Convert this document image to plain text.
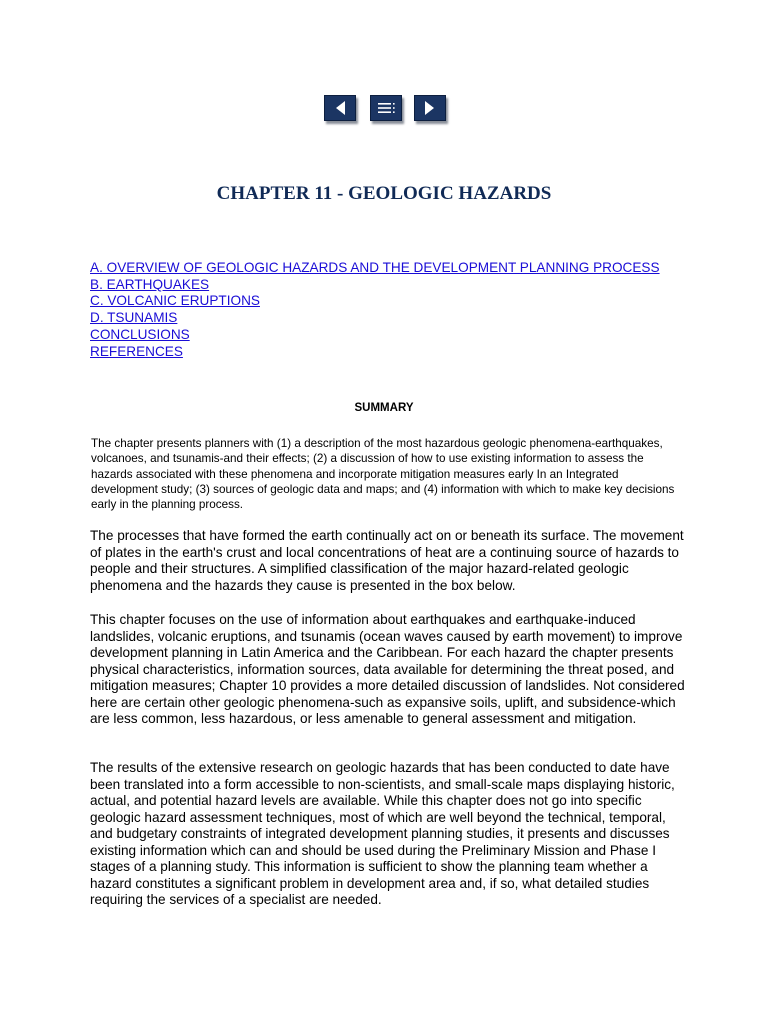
CHAPTER 11 - GEOLOGIC HAZARDS
A. OVERVIEW OF GEOLOGIC HAZARDS AND THE DEVELOPMENT PLANNING PROCESS
B. EARTHQUAKES
C. VOLCANIC ERUPTIONS
D. TSUNAMIS
CONCLUSIONS
REFERENCES
SUMMARY

The chapter presents planners with (1) a description of the most hazardous geologic phenomena-earthquakes, volcanoes, and tsunamis-and their effects; (2) a discussion of how to use existing information to assess the hazards associated with these phenomena and incorporate mitigation measures early In an Integrated development study; (3) sources of geologic data and maps; and (4) information with which to make key decisions early in the planning process.

The processes that have formed the earth continually act on or beneath its surface. The movement of plates in the earth's crust and local concentrations of heat are a continuing source of hazards to people and their structures. A simplified classification of the major hazard-related geologic phenomena and the hazards they cause is presented in the box below.

This chapter focuses on the use of information about earthquakes and earthquake-induced landslides, volcanic eruptions, and tsunamis (ocean waves caused by earth movement) to improve development planning in Latin America and the Caribbean. For each hazard the chapter presents physical characteristics, information sources, data available for determining the threat posed, and mitigation measures; Chapter 10 provides a more detailed discussion of landslides. Not considered here are certain other geologic phenomena-such as expansive soils, uplift, and subsidence-which are less common, less hazardous, or less amenable to general assessment and mitigation.

The results of the extensive research on geologic hazards that has been conducted to date have been translated into a form accessible to non-scientists, and small-scale maps displaying historic, actual, and potential hazard levels are available. While this chapter does not go into specific geologic hazard assessment techniques, most of which are well beyond the technical, temporal, and budgetary constraints of integrated development planning studies, it presents and discusses existing information which can and should be used during the Preliminary Mission and Phase I stages of a planning study. This information is sufficient to show the planning team whether a hazard constitutes a significant problem in development area and, if so, what detailed studies requiring the services of a specialist are needed.
